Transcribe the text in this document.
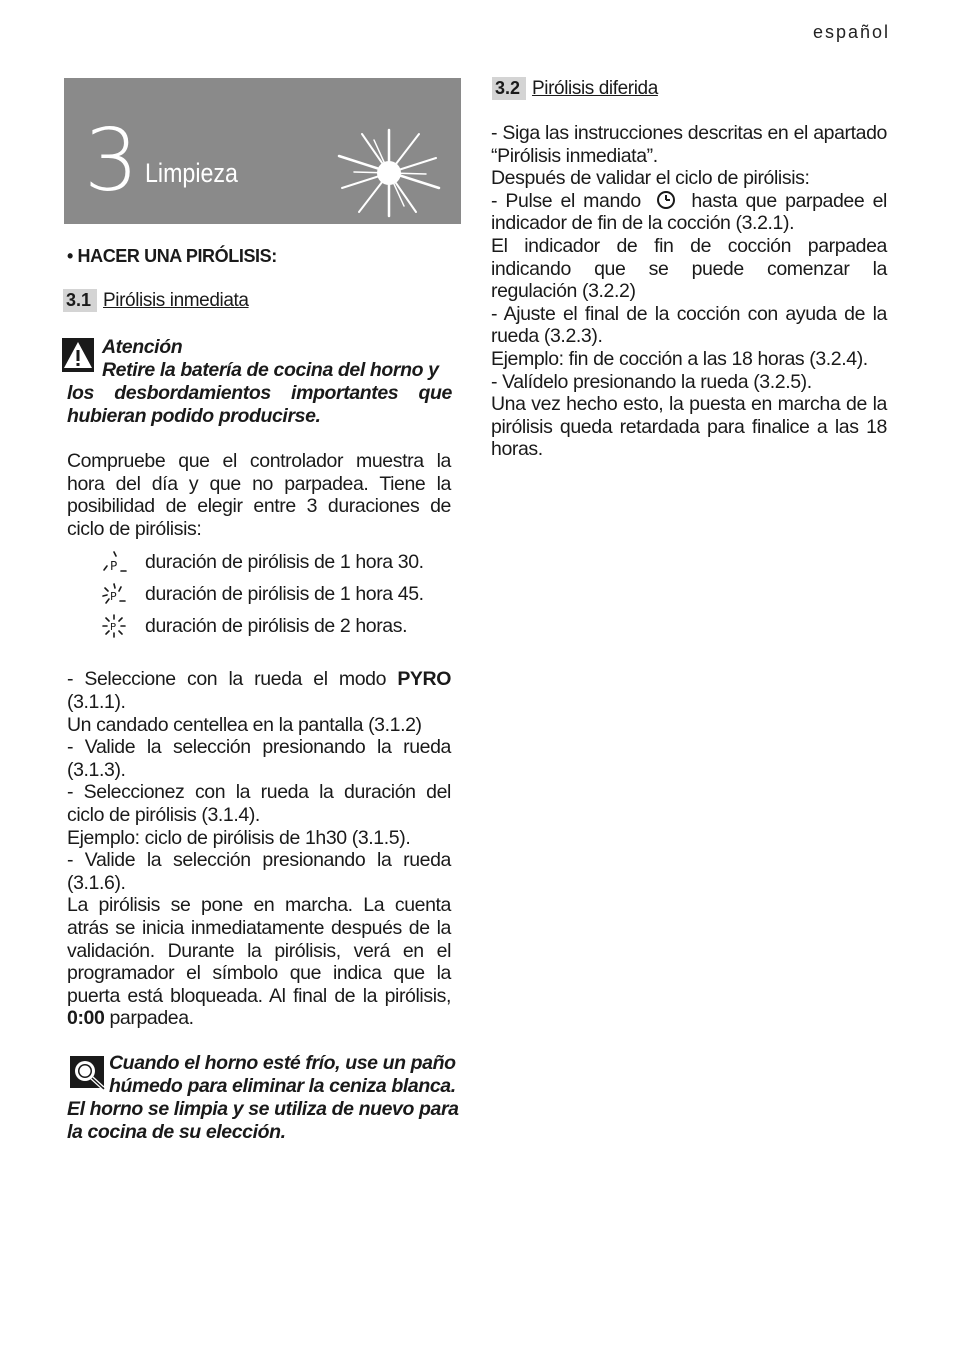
español
3 Limpieza
• HACER UNA PIRÓLISIS:
3.1 Pirólisis inmediata
Atención
Retire la batería de cocina del horno y
los desbordamientos importantes que hubieran podido producirse.

Compruebe que el controlador muestra la hora del día y que no parpadea. Tiene la posibilidad de elegir entre 3 duraciones de ciclo de pirólisis:

P duración de pirólisis de 1 hora 30.
P duración de pirólisis de 1 hora 45.
P duración de pirólisis de 2 horas.

- Seleccione con la rueda el modo PYRO (3.1.1).

Un candado centellea en la pantalla (3.1.2)

- Valide la selección presionando la rueda (3.1.3).

- Seleccionez con la rueda la duración del ciclo de pirólisis (3.1.4).

Ejemplo: ciclo de pirólisis de 1h30 (3.1.5).

- Valide la selección presionando la rueda (3.1.6).

La pirólisis se pone en marcha. La cuenta atrás se inicia inmediatamente después de la validación. Durante la pirólisis, verá en el programador el símbolo que indica que la puerta está bloqueada. Al final de la pirólisis, 0:00 parpadea.

Cuando el horno esté frío, use un paño
húmedo para eliminar la ceniza blanca.
El horno se limpia y se utiliza de nuevo para la cocina de su elección.
3.2 Pirólisis diferida

- Siga las instrucciones descritas en el apartado “Pirólisis inmediata”.

Después de validar el ciclo de pirólisis:

- Pulse el mando  hasta que parpadee el indicador de fin de la cocción (3.2.1).

El indicador de fin de cocción parpadea indicando que se puede comenzar la regulación (3.2.2)

- Ajuste el final de la cocción con ayuda de la rueda (3.2.3).

Ejemplo: fin de cocción a las 18 horas (3.2.4).

- Valídelo presionando la rueda (3.2.5).

Una vez hecho esto, la puesta en marcha de la pirólisis queda retardada para finalice a las 18 horas.
